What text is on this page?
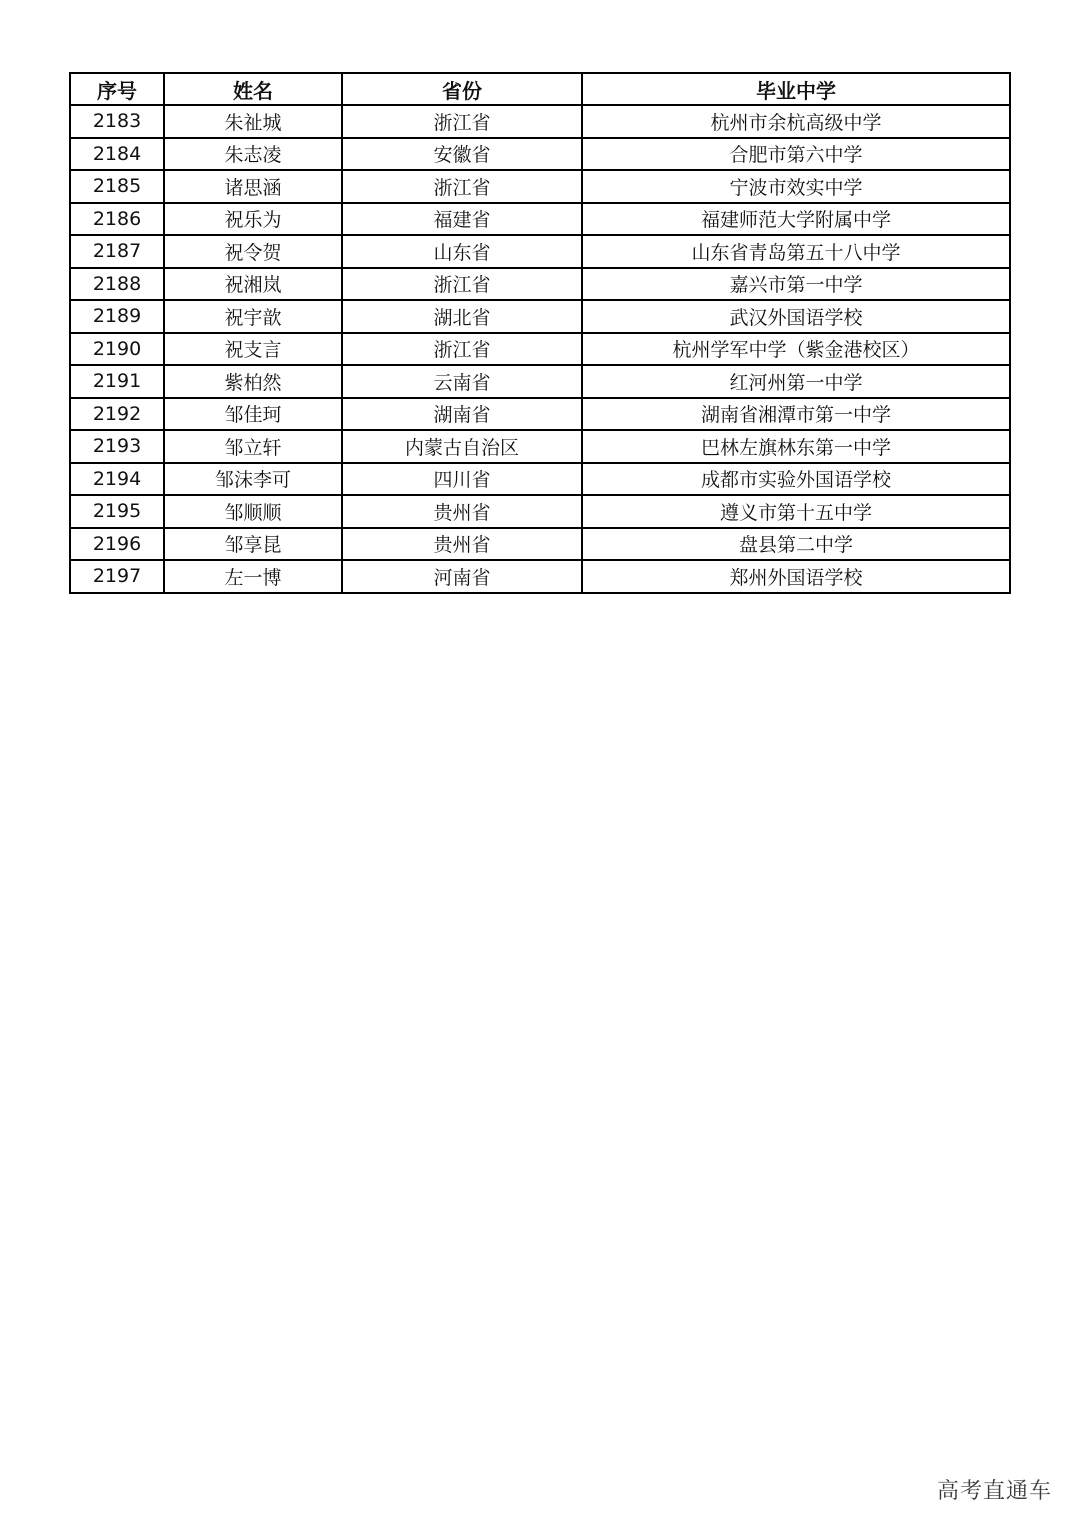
序号	姓名	省份	毕业中学
2183	朱祉城	浙江省	杭州市余杭高级中学
2184	朱志凌	安徽省	合肥市第六中学
2185	诸思涵	浙江省	宁波市效实中学
2186	祝乐为	福建省	福建师范大学附属中学
2187	祝令贺	山东省	山东省青岛第五十八中学
2188	祝湘岚	浙江省	嘉兴市第一中学
2189	祝宇歆	湖北省	武汉外国语学校
2190	祝支言	浙江省	杭州学军中学（紫金港校区）
2191	紫柏然	云南省	红河州第一中学
2192	邹佳珂	湖南省	湖南省湘潭市第一中学
2193	邹立轩	内蒙古自治区	巴林左旗林东第一中学
2194	邹沫李可	四川省	成都市实验外国语学校
2195	邹顺顺	贵州省	遵义市第十五中学
2196	邹享昆	贵州省	盘县第二中学
2197	左一博	河南省	郑州外国语学校
高考直通车
